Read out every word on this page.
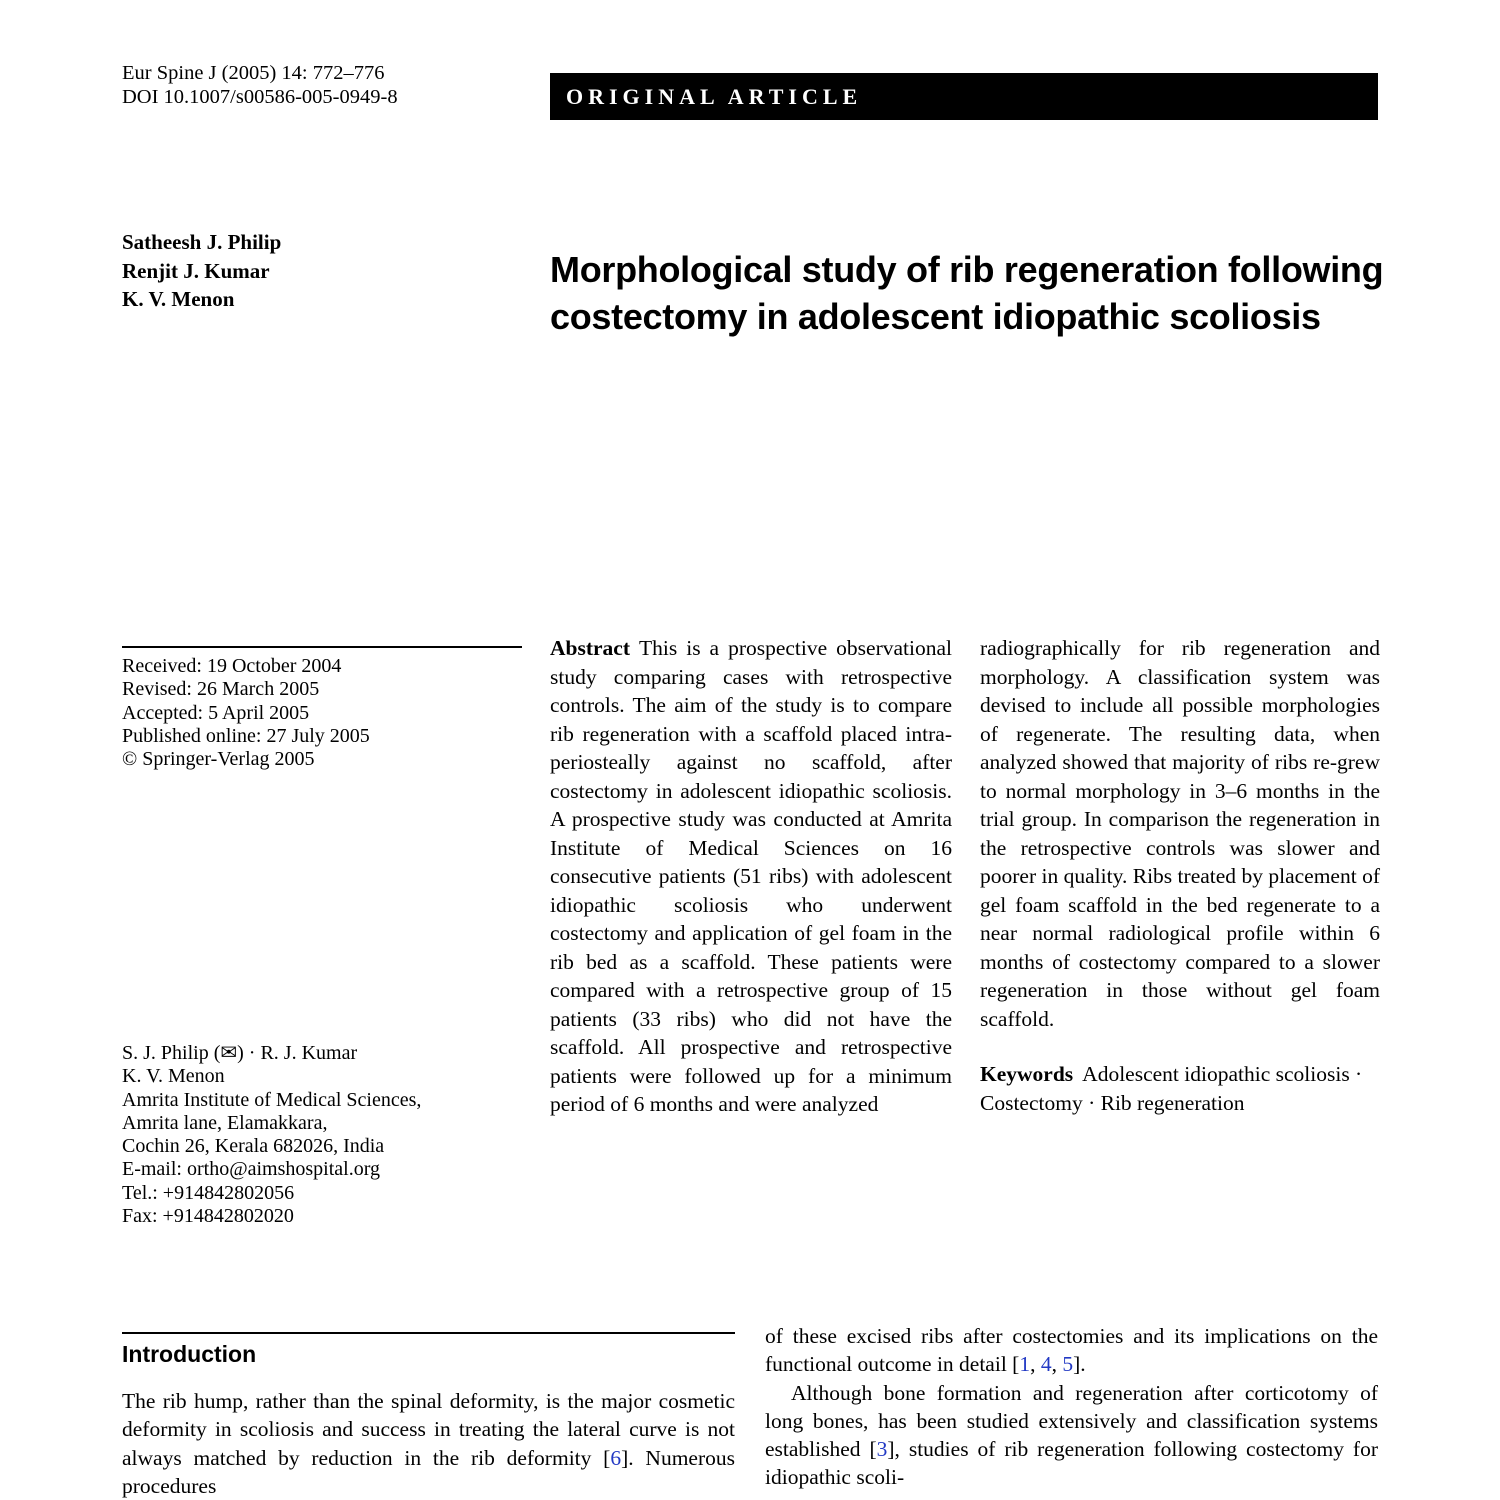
Eur Spine J (2005) 14: 772–776
DOI 10.1007/s00586-005-0949-8	ORIGINAL ARTICLE
Satheesh J. Philip
Renjit J. Kumar
K. V. Menon
Morphological study of rib regeneration following costectomy in adolescent idiopathic scoliosis
Received: 19 October 2004
Revised: 26 March 2005
Accepted: 5 April 2005
Published online: 27 July 2005
© Springer-Verlag 2005
S. J. Philip (✉) · R. J. Kumar
K. V. Menon
Amrita Institute of Medical Sciences,
Amrita lane, Elamakkara,
Cochin 26, Kerala 682026, India
E-mail: ortho@aimshospital.org
Tel.: +914842802056
Fax: +914842802020

Abstract This is a prospective observational study comparing cases with retrospective controls. The aim of the study is to compare rib regeneration with a scaffold placed intra-periosteally against no scaffold, after costectomy in adolescent idiopathic scoliosis. A prospective study was conducted at Amrita Institute of Medical Sciences on 16 consecutive patients (51 ribs) with adolescent idiopathic scoliosis who underwent costectomy and application of gel foam in the rib bed as a scaffold. These patients were compared with a retrospective group of 15 patients (33 ribs) who did not have the scaffold. All prospective and retrospective patients were followed up for a minimum period of 6 months and were analyzed

radiographically for rib regeneration and morphology. A classification system was devised to include all possible morphologies of regenerate. The resulting data, when analyzed showed that majority of ribs re-grew to normal morphology in 3–6 months in the trial group. In comparison the regeneration in the retrospective controls was slower and poorer in quality. Ribs treated by placement of gel foam scaffold in the bed regenerate to a near normal radiological profile within 6 months of costectomy compared to a slower regeneration in those without gel foam scaffold.

Keywords Adolescent idiopathic scoliosis · Costectomy · Rib regeneration

Introduction

The rib hump, rather than the spinal deformity, is the major cosmetic deformity in scoliosis and success in treating the lateral curve is not always matched by reduction in the rib deformity [6]. Numerous procedures

of these excised ribs after costectomies and its implications on the functional outcome in detail [1, 4, 5].

Although bone formation and regeneration after corticotomy of long bones, has been studied extensively and classification systems established [3], studies of rib regeneration following costectomy for idiopathic scoli-
